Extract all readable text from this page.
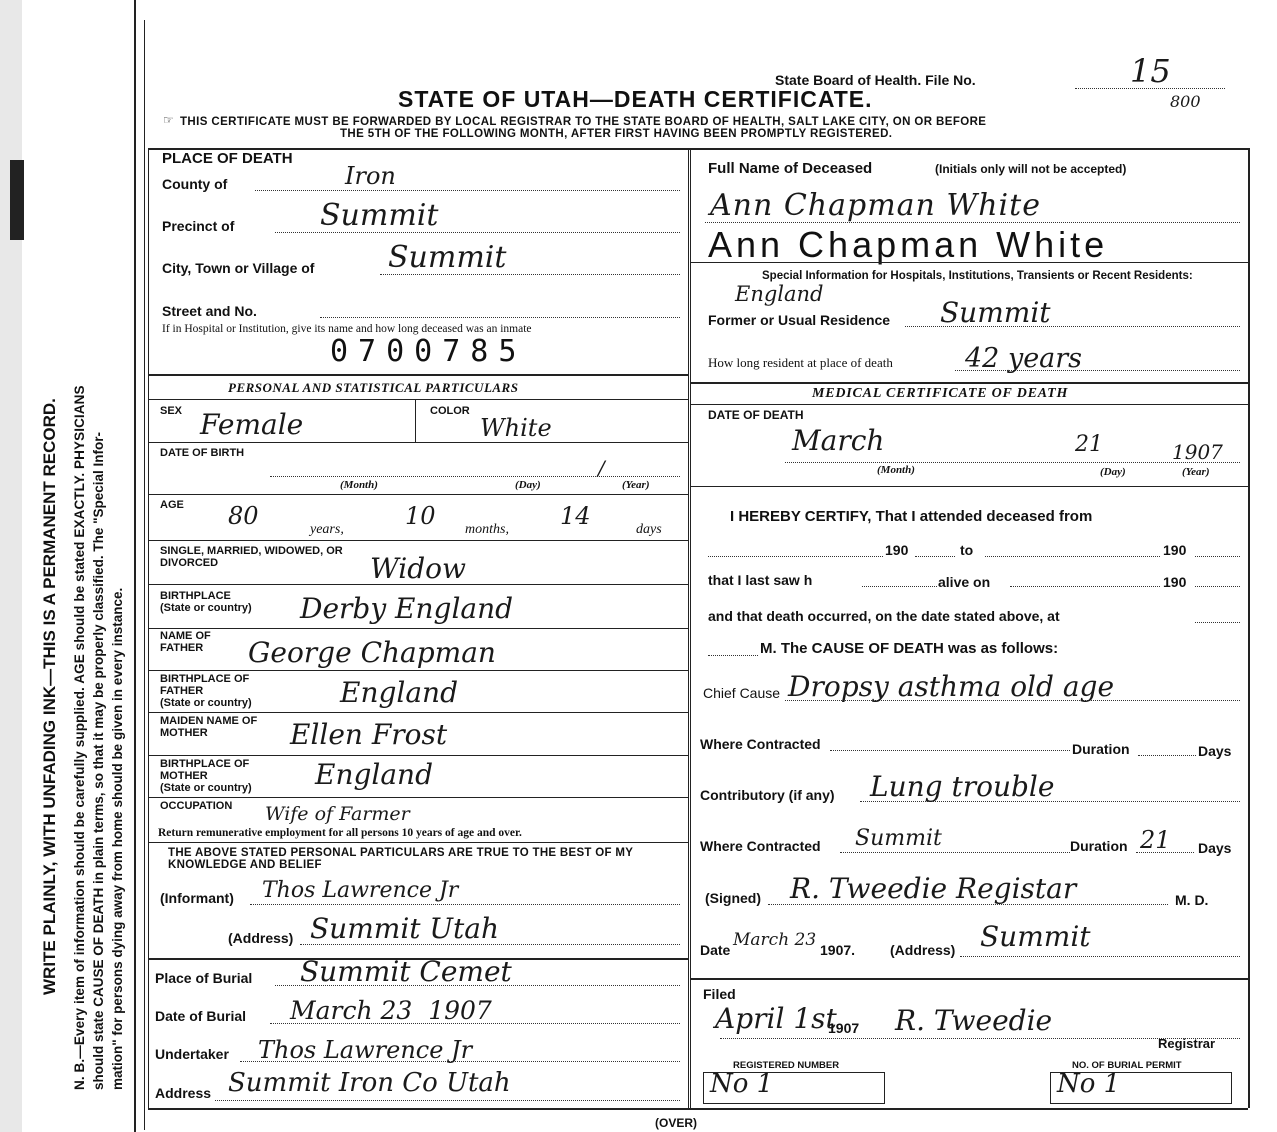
WRITE PLAINLY, WITH UNFADING INK—THIS IS A PERMANENT RECORD. N. B.—Every item of information should be carefully supplied. AGE should be stated EXACTLY. PHYSICIANS should state CAUSE OF DEATH in plain terms, so that it may be properly classified. The "Special Infor- mation" for persons dying away from home should be given in every instance.
State Board of Health. File No.	15
800
STATE OF UTAH—DEATH CERTIFICATE.
☞ THIS CERTIFICATE MUST BE FORWARDED BY LOCAL REGISTRAR TO THE STATE BOARD OF HEALTH, SALT LAKE CITY, ON OR BEFORE
THE 5TH OF THE FOLLOWING MONTH, AFTER FIRST HAVING BEEN PROMPTLY REGISTERED.
PLACE OF DEATH
County of	Iron
Precinct of	Summit
City, Town or Village of Summit
Street and No.
If in Hospital or Institution, give its name and how long deceased was an inmate
0700785
PERSONAL AND STATISTICAL PARTICULARS
SEX Female	COLOR
White
DATE OF BIRTH
/
(Month)	(Day)	(Year)
AGE 80	years,	10 months, 14	days
SINGLE, MARRIED, WIDOWED, OR DIVORCED	Widow
BIRTHPLACE
(State or country) Derby England
NAME OF FATHER	George Chapman
BIRTHPLACE OF FATHER
(State or country)	England
MAIDEN NAME OF MOTHER	Ellen Frost
BIRTHPLACE OF MOTHER
(State or country) England
OCCUPATION Wife of Farmer
Return remunerative employment for all persons 10 years of age and over.
THE ABOVE STATED PERSONAL PARTICULARS ARE TRUE TO THE BEST OF MY KNOWLEDGE AND BELIEF
(Informant) Thos Lawrence Jr
(Address) Summit Utah
Place of Burial Summit Cemet
Date of Burial March 23  1907
Undertaker Thos Lawrence Jr
Address Summit Iron Co Utah
Full Name of Deceased	(Initials only will not be accepted)
Ann Chapman White
Ann Chapman White
Special Information for Hospitals, Institutions, Transients or Recent Residents:
England
Former or Usual Residence Summit
How long resident at place of death	42 years
MEDICAL CERTIFICATE OF DEATH
DATE OF DEATH
March	21	1907
(Month)	(Day)	(Year)
I HEREBY CERTIFY, That I attended deceased from
190	to	190
that I last saw h	alive on	190
and that death occurred, on the date stated above, at
M. The CAUSE OF DEATH was as follows:
Chief Cause Dropsy asthma old age
Where Contracted	Duration	Days
Contributory (if any) Lung trouble
Where Contracted Summit	Duration 21 Days
(Signed) R. Tweedie Registar	M. D.
Date March 23 1907. (Address) Summit
Filed
April 1st
1907 R. Tweedie
Registrar
REGISTERED NUMBER	NO. OF BURIAL PERMIT
No 1	No 1
(OVER)
